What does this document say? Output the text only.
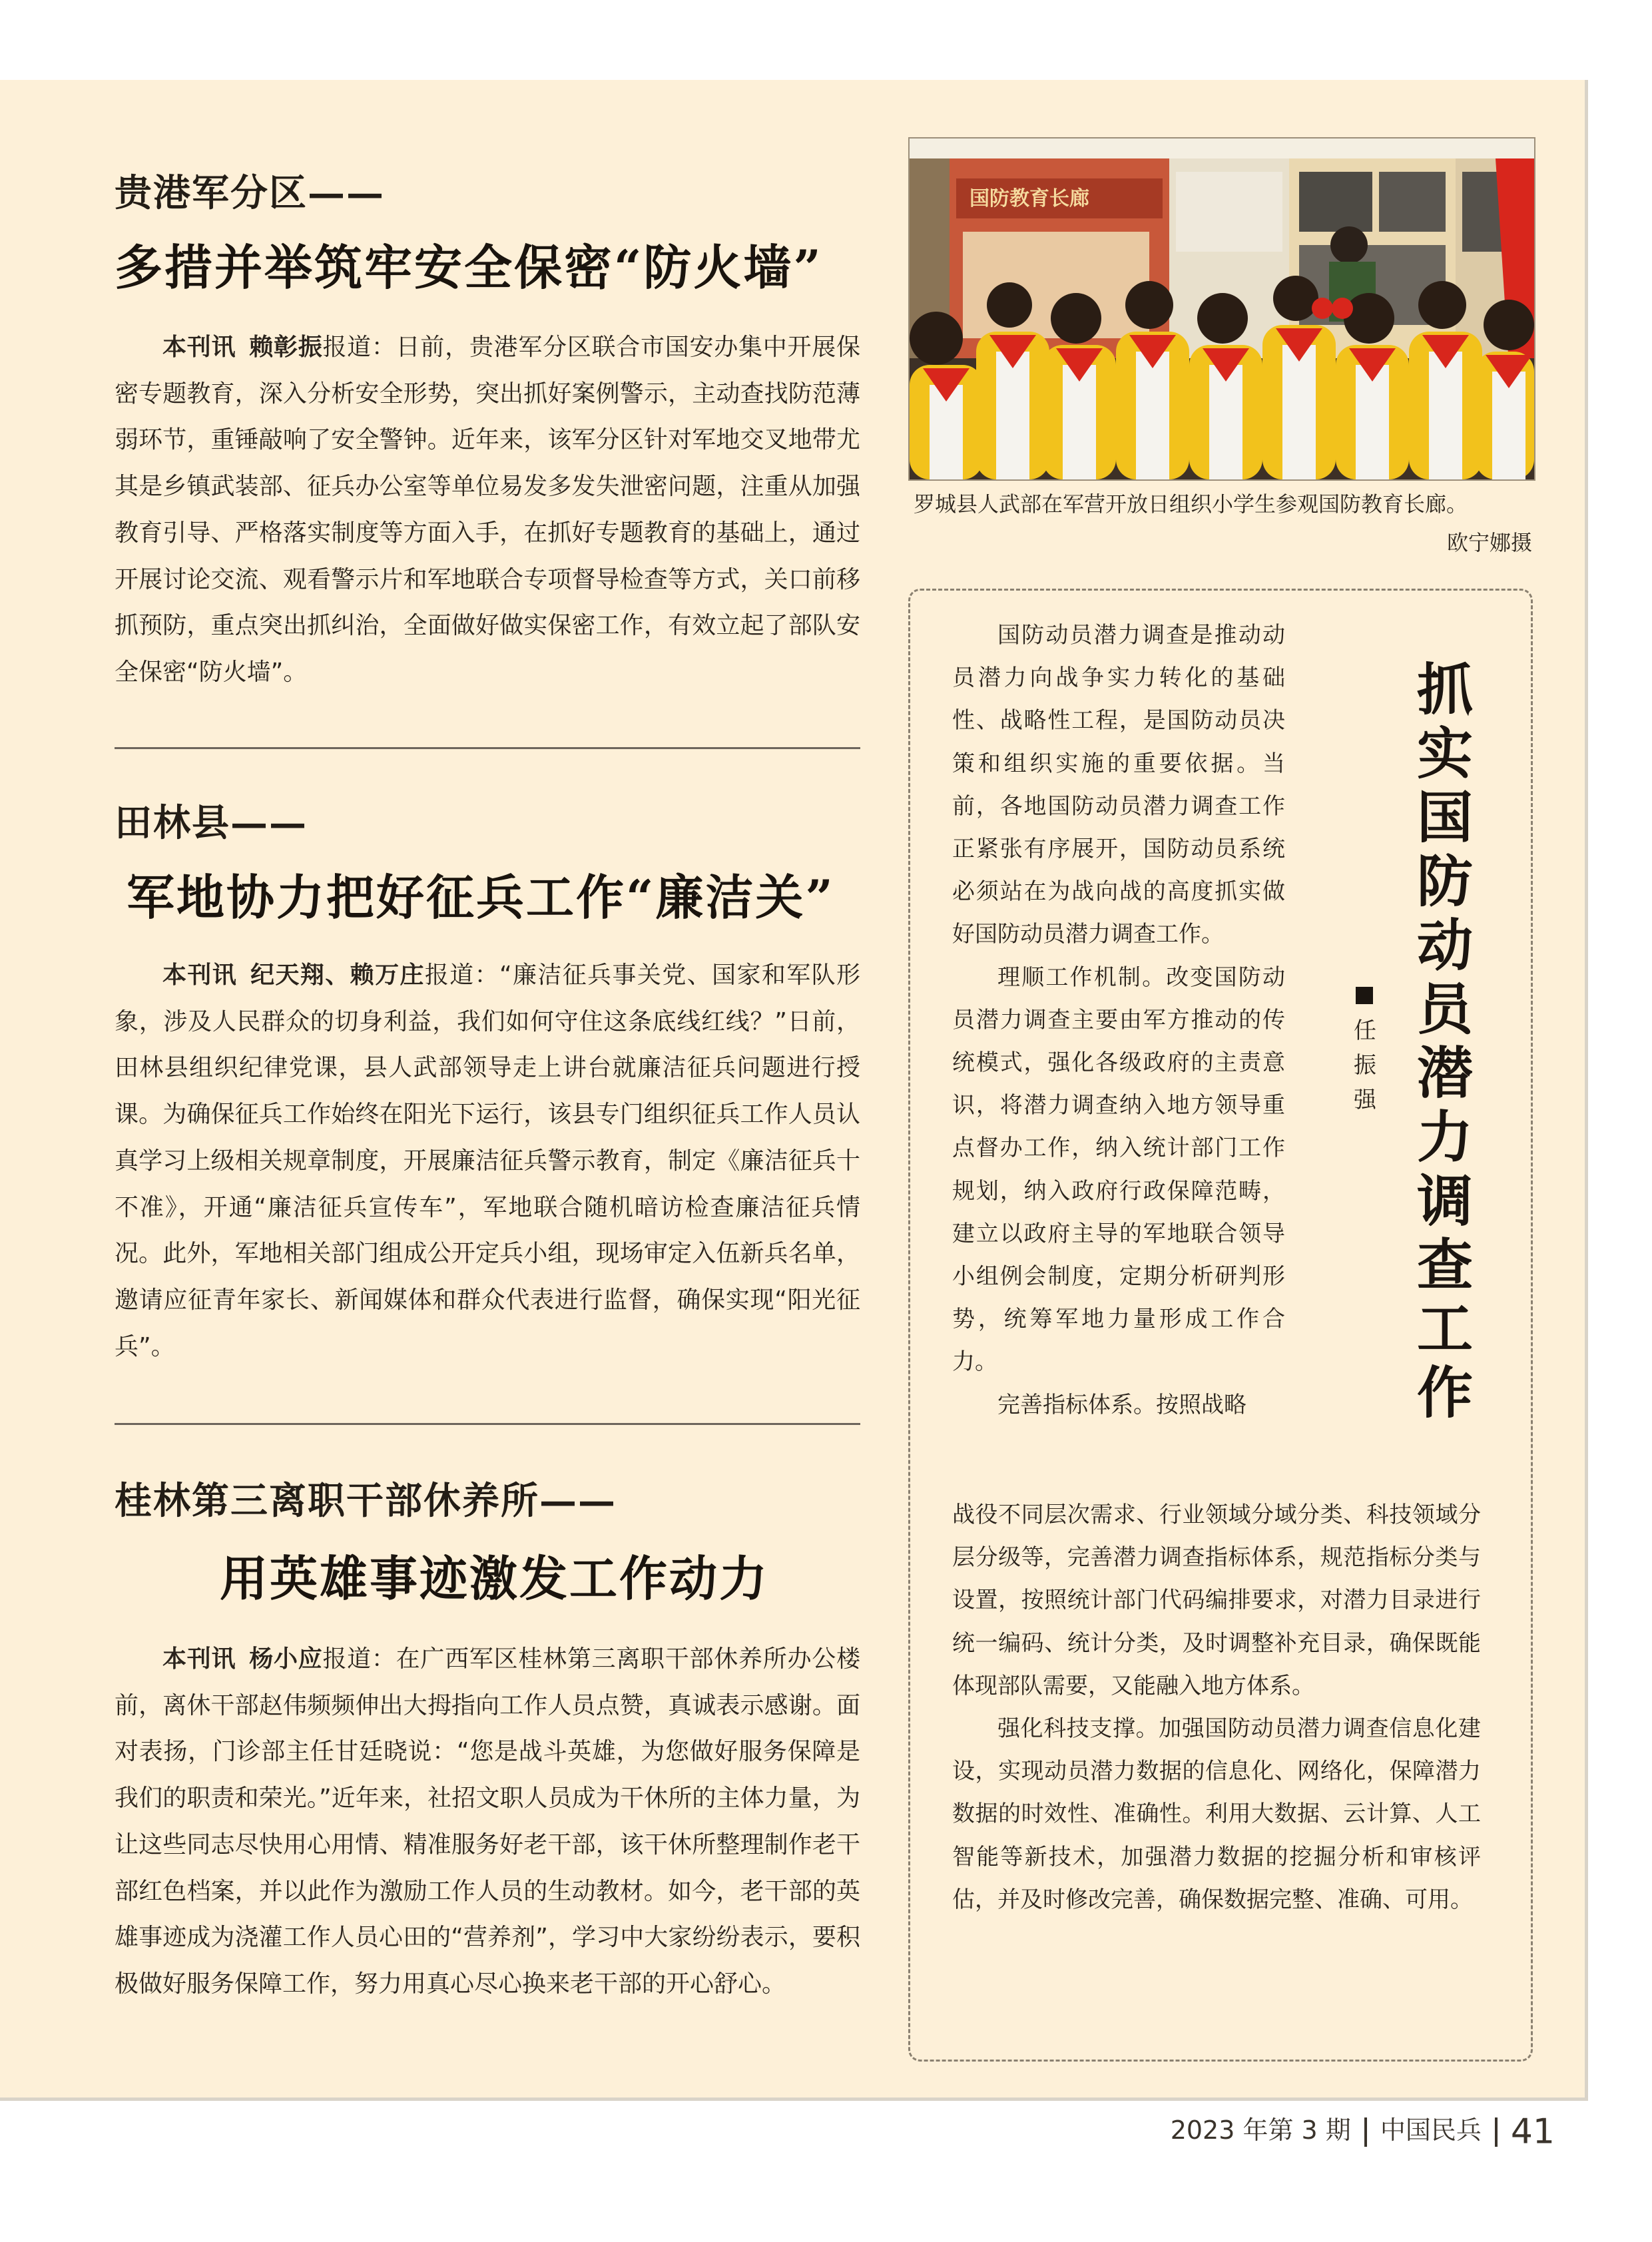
贵港军分区——
多措并举筑牢安全保密“防火墙”

本刊讯 赖彰振报道：日前，贵港军分区联合市国安办集中开展保密专题教育，深入分析安全形势，突出抓好案例警示，主动查找防范薄弱环节，重锤敲响了安全警钟。近年来，该军分区针对军地交叉地带尤其是乡镇武装部、征兵办公室等单位易发多发失泄密问题，注重从加强教育引导、严格落实制度等方面入手，在抓好专题教育的基础上，通过开展讨论交流、观看警示片和军地联合专项督导检查等方式，关口前移抓预防，重点突出抓纠治，全面做好做实保密工作，有效立起了部队安全保密“防火墙”。

田林县——
军地协力把好征兵工作“廉洁关”

本刊讯 纪天翔、赖万庄报道：“廉洁征兵事关党、国家和军队形象，涉及人民群众的切身利益，我们如何守住这条底线红线？”日前，田林县组织纪律党课，县人武部领导走上讲台就廉洁征兵问题进行授课。为确保征兵工作始终在阳光下运行，该县专门组织征兵工作人员认真学习上级相关规章制度，开展廉洁征兵警示教育，制定《廉洁征兵十不准》，开通“廉洁征兵宣传车”，军地联合随机暗访检查廉洁征兵情况。此外，军地相关部门组成公开定兵小组，现场审定入伍新兵名单，邀请应征青年家长、新闻媒体和群众代表进行监督，确保实现“阳光征兵”。

桂林第三离职干部休养所——
用英雄事迹激发工作动力

本刊讯 杨小应报道：在广西军区桂林第三离职干部休养所办公楼前，离休干部赵伟频频伸出大拇指向工作人员点赞，真诚表示感谢。面对表扬，门诊部主任甘廷晓说：“您是战斗英雄，为您做好服务保障是我们的职责和荣光。”近年来，社招文职人员成为干休所的主体力量，为让这些同志尽快用心用情、精准服务好老干部，该干休所整理制作老干部红色档案，并以此作为激励工作人员的生动教材。如今，老干部的英雄事迹成为浇灌工作人员心田的“营养剂”，学习中大家纷纷表示，要积极做好服务保障工作，努力用真心尽心换来老干部的开心舒心。

国防教育长廊
罗城县人武部在军营开放日组织小学生参观国防教育长廊。
欧宁娜摄

国防动员潜力调查是推动动员潜力向战争实力转化的基础性、战略性工程，是国防动员决策和组织实施的重要依据。当前，各地国防动员潜力调查工作正紧张有序展开，国防动员系统必须站在为战向战的高度抓实做好国防动员潜力调查工作。

理顺工作机制。改变国防动员潜力调查主要由军方推动的传统模式，强化各级政府的主责意识，将潜力调查纳入地方领导重点督办工作，纳入统计部门工作规划，纳入政府行政保障范畴，建立以政府主导的军地联合领导小组例会制度，定期分析研判形势，统筹军地力量形成工作合力。

完善指标体系。按照战略

战役不同层次需求、行业领域分域分类、科技领域分层分级等，完善潜力调查指标体系，规范指标分类与设置，按照统计部门代码编排要求，对潜力目录进行统一编码、统计分类，及时调整补充目录，确保既能体现部队需要，又能融入地方体系。

强化科技支撑。加强国防动员潜力调查信息化建设，实现动员潜力数据的信息化、网络化，保障潜力数据的时效性、准确性。利用大数据、云计算、人工智能等新技术，加强潜力数据的挖掘分析和审核评估，并及时修改完善，确保数据完整、准确、可用。

抓实国防动员潜力调查工作
任振强
2023 年第 3 期 中国民兵 41
